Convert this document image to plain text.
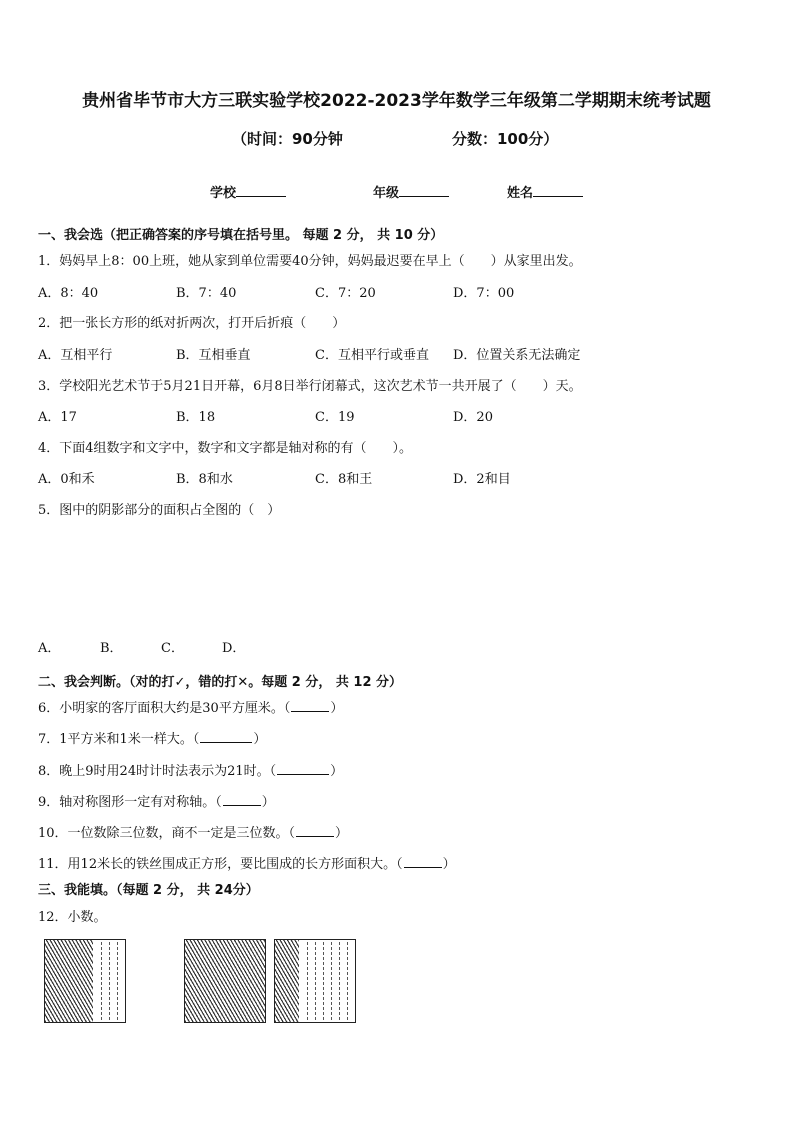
贵州省毕节市大方三联实验学校2022-2023学年数学三年级第二学期期末统考试题
（时间：90分钟	分数：100分）
学校	年级	姓名
一、我会选（把正确答案的序号填在括号里。 每题 2 分， 共 10 分）
1．妈妈早上8：00上班，她从家到单位需要40分钟，妈妈最迟要在早上（　　）从家里出发。
A．8：40	B．7：40	C．7：20	D．7：00
2．把一张长方形的纸对折两次，打开后折痕（　　）
A．互相平行	B．互相垂直	C．互相平行或垂直 D．位置关系无法确定
3．学校阳光艺术节于5月21日开幕，6月8日举行闭幕式，这次艺术节一共开展了（　　）天。
A．17	B．18	C．19	D．20
4．下面4组数字和文字中，数字和文字都是轴对称的有（　　）。
A．0和禾	B．8和水	C．8和王	D．2和目
5．图中的阴影部分的面积占全图的（　）
A．	B．	C．	D．
二、我会判断。（对的打✓，错的打✕。每题 2 分， 共 12 分）
6．小明家的客厅面积大约是30平方厘米。（	）
7．1平方米和1米一样大。（	）
8．晚上9时用24时计时法表示为21时。（	）
9．轴对称图形一定有对称轴。（	）
10．一位数除三位数，商不一定是三位数。（	）
11．用12米长的铁丝围成正方形，要比围成的长方形面积大。（	）
三、我能填。（每题 2 分， 共 24分）
12．小数。
